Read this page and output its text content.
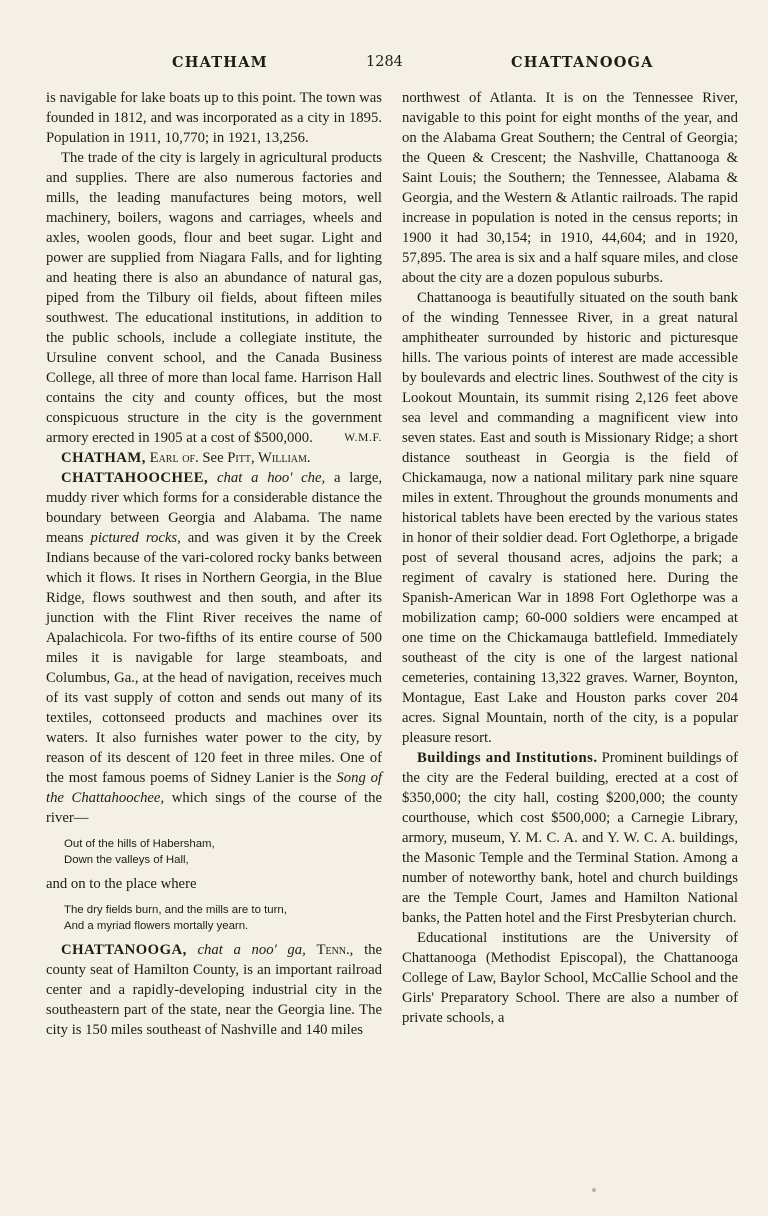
CHATHAM	1284	CHATTANOOGA

is navigable for lake boats up to this point. The town was founded in 1812, and was incorporated as a city in 1895. Population in 1911, 10,770; in 1921, 13,256.

The trade of the city is largely in agricultural products and supplies. There are also numerous factories and mills, the leading manufactures being motors, well machinery, boilers, wagons and carriages, wheels and axles, woolen goods, flour and beet sugar. Light and power are supplied from Niagara Falls, and for lighting and heating there is also an abundance of natural gas, piped from the Tilbury oil fields, about fifteen miles southwest. The educational institutions, in addition to the public schools, include a collegiate institute, the Ursuline convent school, and the Canada Business College, all three of more than local fame. Harrison Hall contains the city and county offices, but the most conspicuous structure in the city is the government armory erected in 1905 at a cost of $500,000.	W.M.F.

CHATHAM, Earl of. See Pitt, William.

CHATTAHOOCHEE, chat a hoo' che, a large, muddy river which forms for a considerable distance the boundary between Georgia and Alabama. The name means pictured rocks, and was given it by the Creek Indians because of the vari-colored rocky banks between which it flows. It rises in Northern Georgia, in the Blue Ridge, flows southwest and then south, and after its junction with the Flint River receives the name of Apalachicola. For two-fifths of its entire course of 500 miles it is navigable for large steamboats, and Columbus, Ga., at the head of navigation, receives much of its vast supply of cotton and sends out many of its textiles, cottonseed products and machines over its waters. It also furnishes water power to the city, by reason of its descent of 120 feet in three miles. One of the most famous poems of Sidney Lanier is the Song of the Chattahoochee, which sings of the course of the river—

Out of the hills of Habersham,
Down the valleys of Hall,

and on to the place where

The dry fields burn, and the mills are to turn,
And a myriad flowers mortally yearn.

CHATTANOOGA, chat a noo' ga, Tenn., the county seat of Hamilton County, is an important railroad center and a rapidly-developing industrial city in the southeastern part of the state, near the Georgia line. The city is 150 miles southeast of Nashville and 140 miles

northwest of Atlanta. It is on the Tennessee River, navigable to this point for eight months of the year, and on the Alabama Great Southern; the Central of Georgia; the Queen & Crescent; the Nashville, Chattanooga & Saint Louis; the Southern; the Tennessee, Alabama & Georgia, and the Western & Atlantic railroads. The rapid increase in population is noted in the census reports; in 1900 it had 30,154; in 1910, 44,604; and in 1920, 57,895. The area is six and a half square miles, and close about the city are a dozen populous suburbs.

Chattanooga is beautifully situated on the south bank of the winding Tennessee River, in a great natural amphitheater surrounded by historic and picturesque hills. The various points of interest are made accessible by boulevards and electric lines. Southwest of the city is Lookout Mountain, its summit rising 2,126 feet above sea level and commanding a magnificent view into seven states. East and south is Missionary Ridge; a short distance southeast in Georgia is the field of Chickamauga, now a national military park nine square miles in extent. Throughout the grounds monuments and historical tablets have been erected by the various states in honor of their soldier dead. Fort Oglethorpe, a brigade post of several thousand acres, adjoins the park; a regiment of cavalry is stationed here. During the Spanish-American War in 1898 Fort Oglethorpe was a mobilization camp; 60-000 soldiers were encamped at one time on the Chickamauga battlefield. Immediately southeast of the city is one of the largest national cemeteries, containing 13,322 graves. Warner, Boynton, Montague, East Lake and Houston parks cover 204 acres. Signal Mountain, north of the city, is a popular pleasure resort.

Buildings and Institutions. Prominent buildings of the city are the Federal building, erected at a cost of $350,000; the city hall, costing $200,000; the county courthouse, which cost $500,000; a Carnegie Library, armory, museum, Y. M. C. A. and Y. W. C. A. buildings, the Masonic Temple and the Terminal Station. Among a number of noteworthy bank, hotel and church buildings are the Temple Court, James and Hamilton National banks, the Patten hotel and the First Presbyterian church.

Educational institutions are the University of Chattanooga (Methodist Episcopal), the Chattanooga College of Law, Baylor School, McCallie School and the Girls' Preparatory School. There are also a number of private schools, a
